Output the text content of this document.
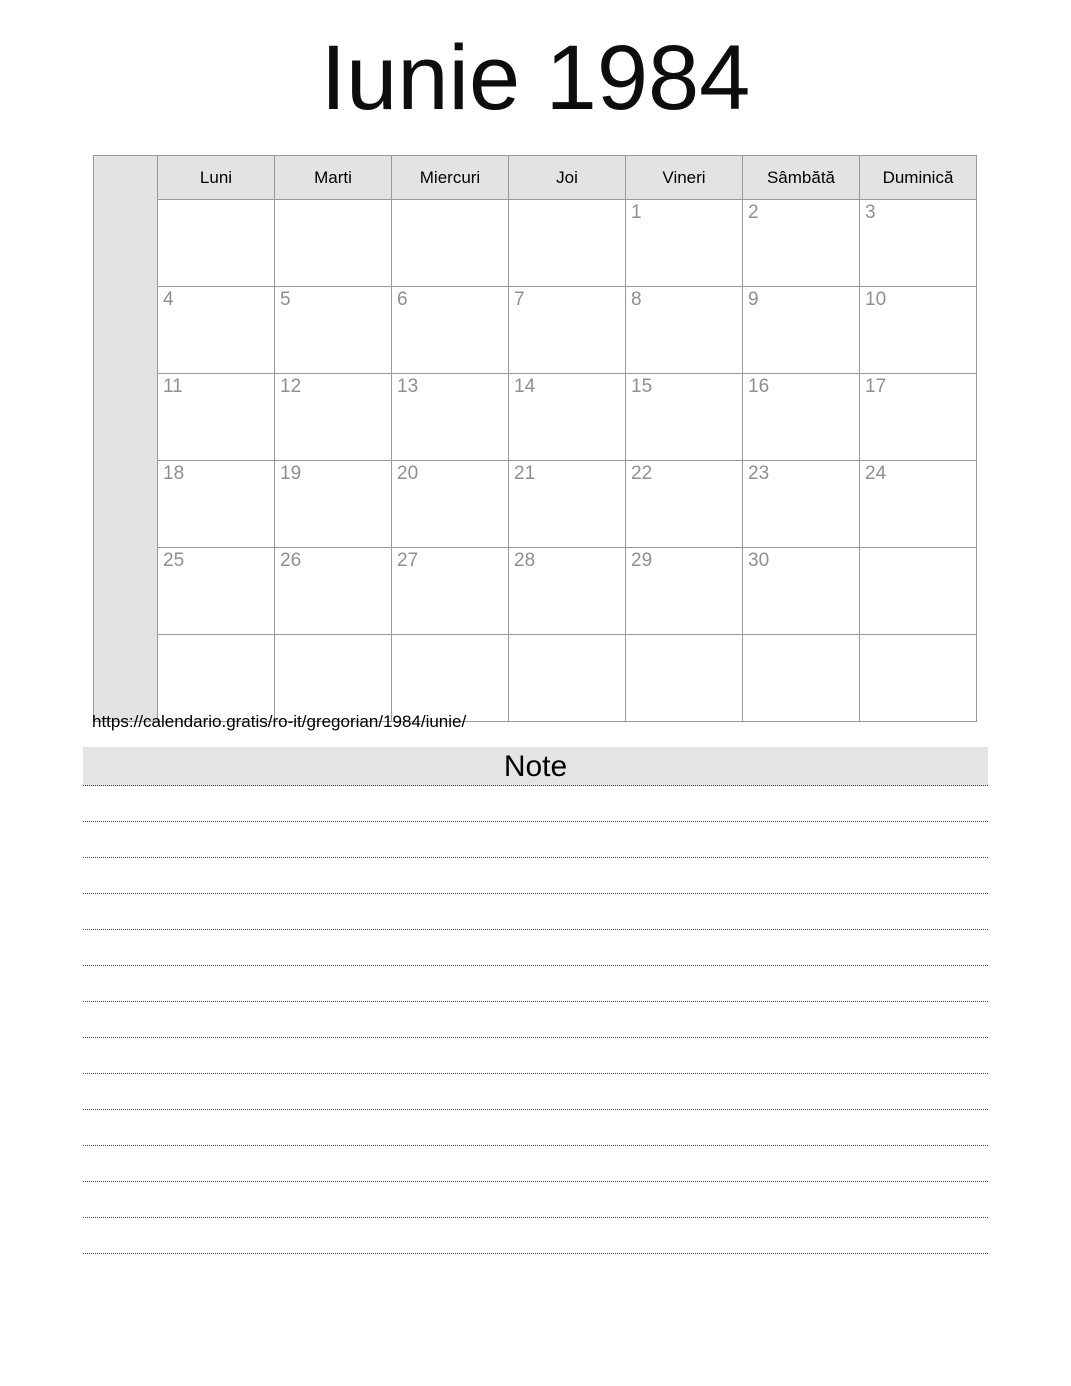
Iunie 1984
	Luni	Marti	Miercuri	Joi	Vineri	Sâmbătă	Duminică
					1	2	3
	4	5	6	7	8	9	10
	11	12	13	14	15	16	17
	18	19	20	21	22	23	24
	25	26	27	28	29	30	

https://calendario.gratis/ro-it/gregorian/1984/iunie/
Note
